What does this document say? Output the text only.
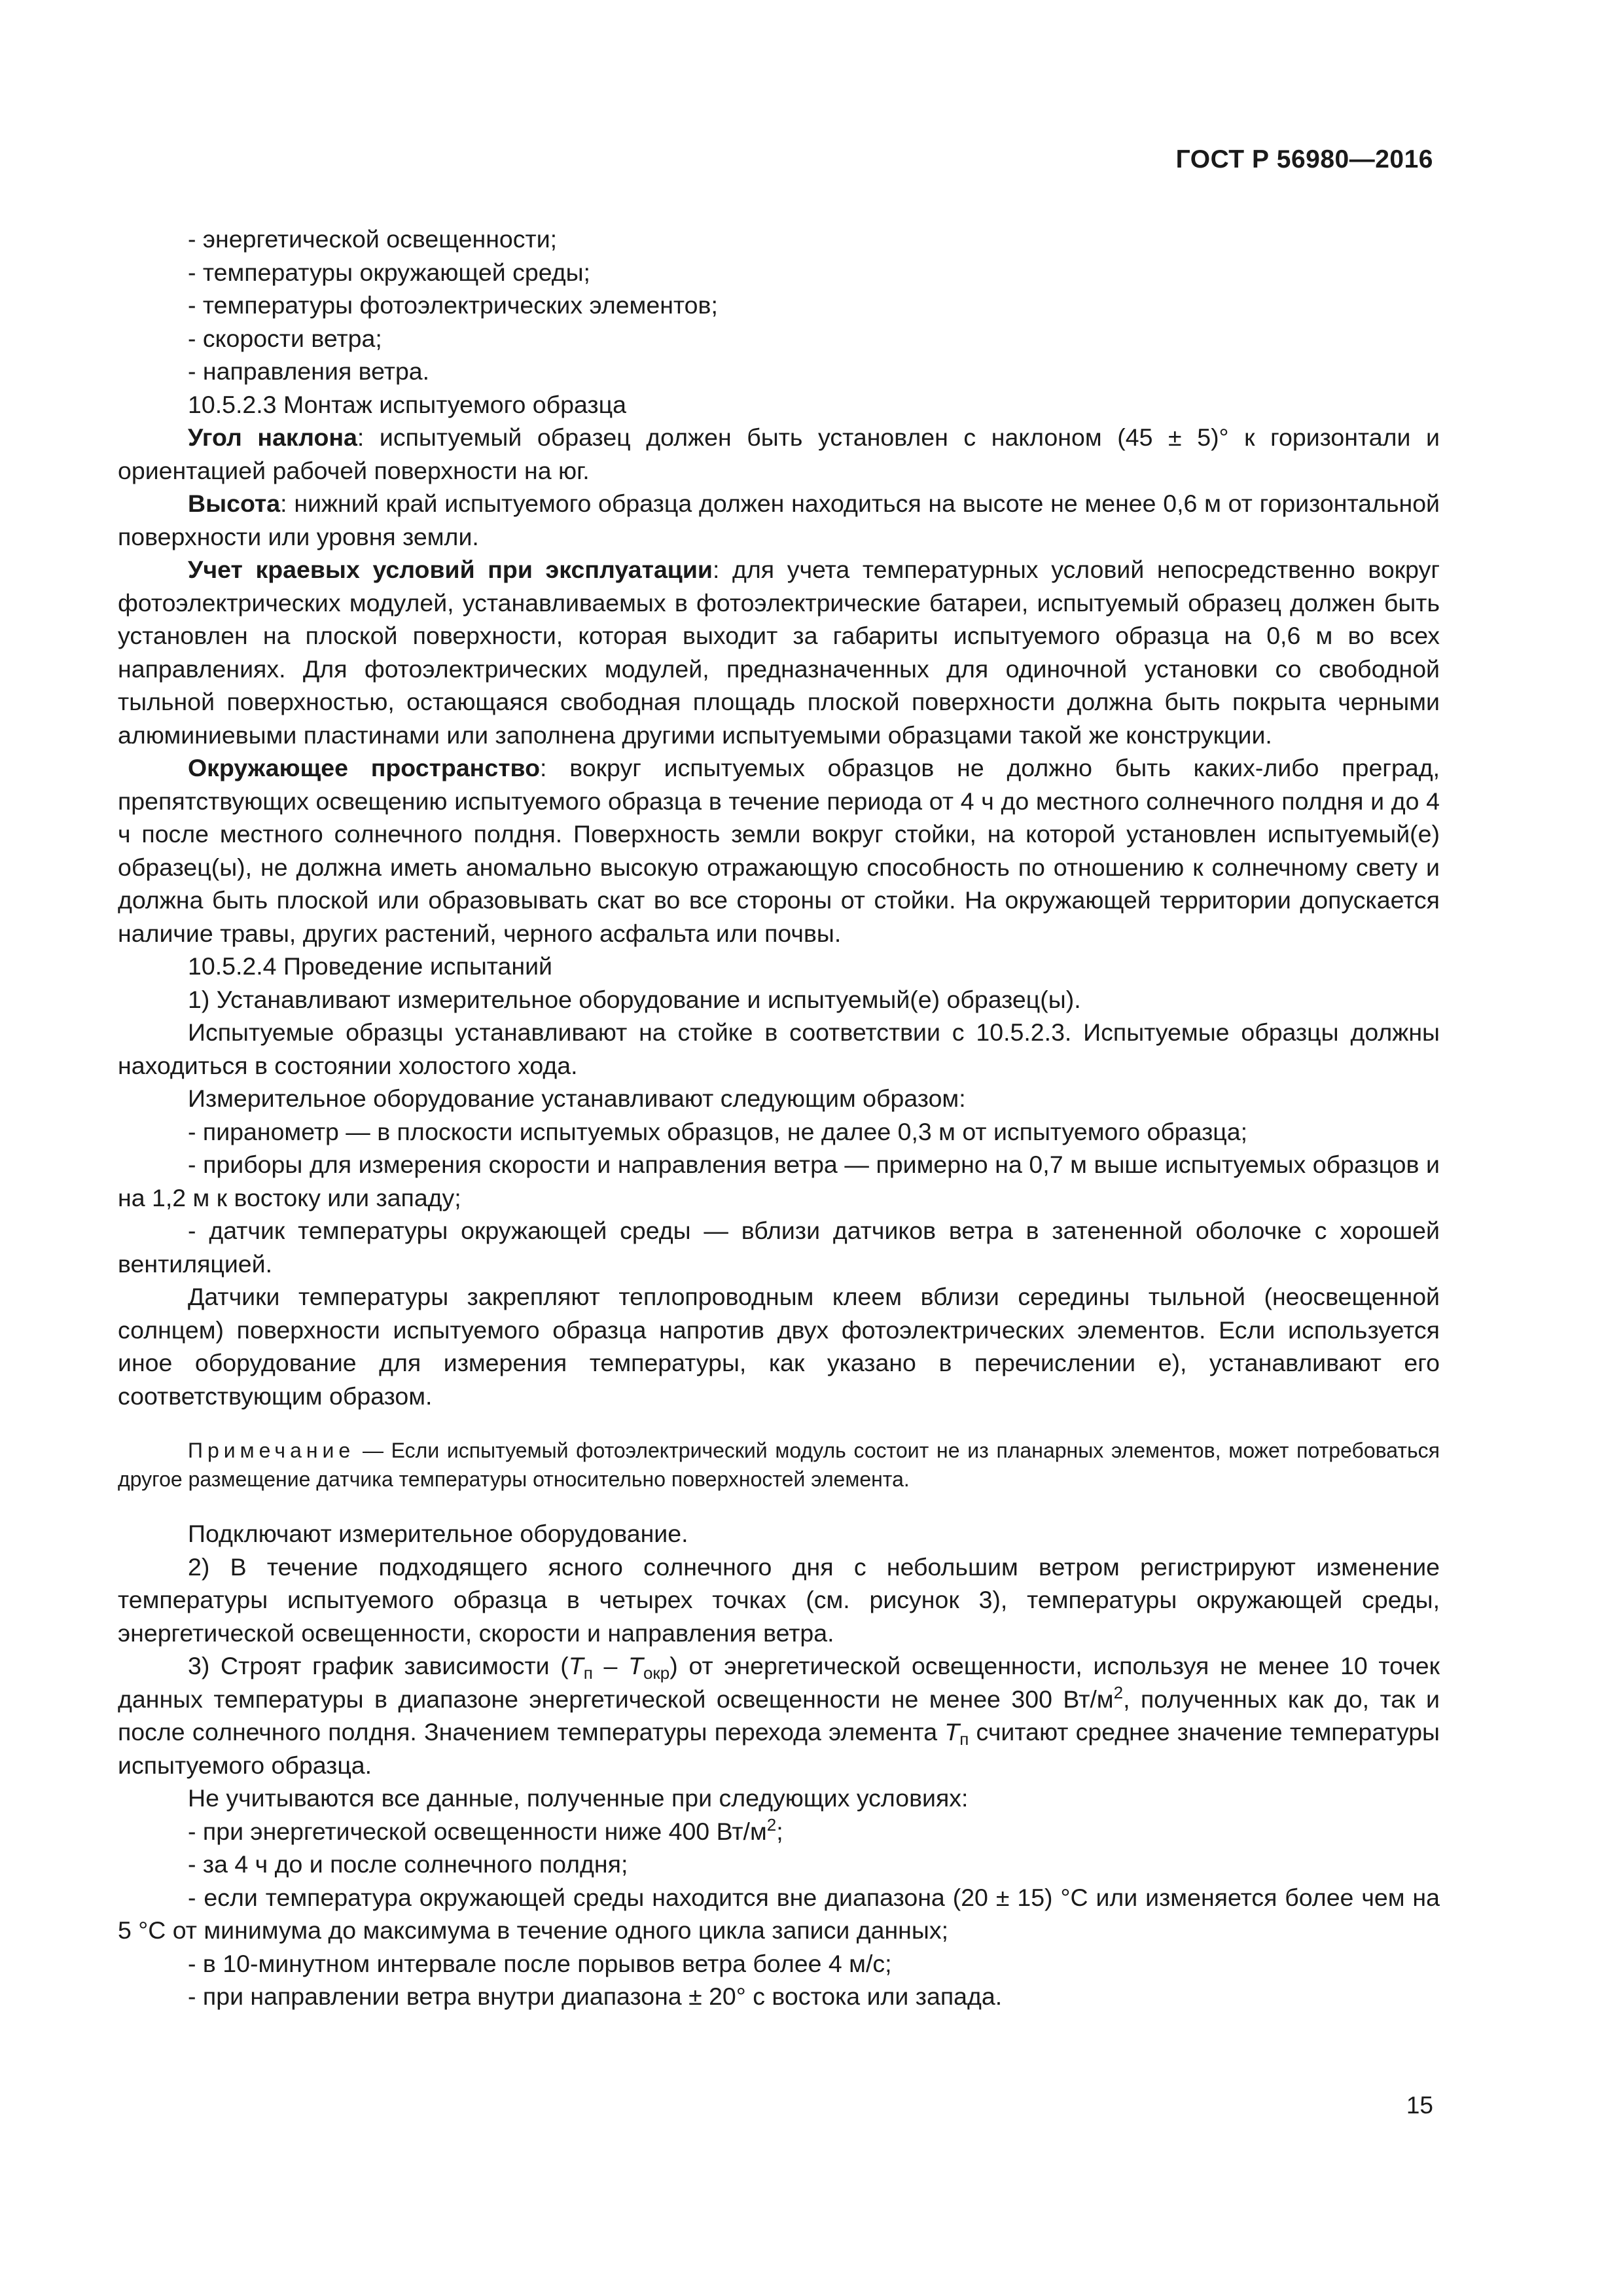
ГОСТ Р 56980—2016

- энергетической освещенности;

- температуры окружающей среды;

- температуры фотоэлектрических элементов;

- скорости ветра;

- направления ветра.

10.5.2.3 Монтаж испытуемого образца

Угол наклона: испытуемый образец должен быть установлен с наклоном (45 ± 5)° к горизонтали и ориентацией рабочей поверхности на юг.

Высота: нижний край испытуемого образца должен находиться на высоте не менее 0,6 м от горизонтальной поверхности или уровня земли.

Учет краевых условий при эксплуатации: для учета температурных условий непосредственно вокруг фотоэлектрических модулей, устанавливаемых в фотоэлектрические батареи, испытуемый образец должен быть установлен на плоской поверхности, которая выходит за габариты испытуемого образца на 0,6 м во всех направлениях. Для фотоэлектрических модулей, предназначенных для одиночной установки со свободной тыльной поверхностью, остающаяся свободная площадь плоской поверхности должна быть покрыта черными алюминиевыми пластинами или заполнена другими испытуемыми образцами такой же конструкции.

Окружающее пространство: вокруг испытуемых образцов не должно быть каких-либо преград, препятствующих освещению испытуемого образца в течение периода от 4 ч до местного солнечного полдня и до 4 ч после местного солнечного полдня. Поверхность земли вокруг стойки, на которой установлен испытуемый(е) образец(ы), не должна иметь аномально высокую отражающую способность по отношению к солнечному свету и должна быть плоской или образовывать скат во все стороны от стойки. На окружающей территории допускается наличие травы, других растений, черного асфальта или почвы.

10.5.2.4 Проведение испытаний

1) Устанавливают измерительное оборудование и испытуемый(е) образец(ы).

Испытуемые образцы устанавливают на стойке в соответствии с 10.5.2.3. Испытуемые образцы должны находиться в состоянии холостого хода.

Измерительное оборудование устанавливают следующим образом:

- пиранометр — в плоскости испытуемых образцов, не далее 0,3 м от испытуемого образца;

- приборы для измерения скорости и направления ветра — примерно на 0,7 м выше испытуемых образцов и на 1,2 м к востоку или западу;

- датчик температуры окружающей среды — вблизи датчиков ветра в затененной оболочке с хорошей вентиляцией.

Датчики температуры закрепляют теплопроводным клеем вблизи середины тыльной (неосвещенной солнцем) поверхности испытуемого образца напротив двух фотоэлектрических элементов. Если используется иное оборудование для измерения температуры, как указано в перечислении е), устанавливают его соответствующим образом.

Примечание — Если испытуемый фотоэлектрический модуль состоит не из планарных элементов, может потребоваться другое размещение датчика температуры относительно поверхностей элемента.

Подключают измерительное оборудование.

2) В течение подходящего ясного солнечного дня с небольшим ветром регистрируют изменение температуры испытуемого образца в четырех точках (см. рисунок 3), температуры окружающей среды, энергетической освещенности, скорости и направления ветра.

3) Строят график зависимости $(T_п - T_{окр})$ от энергетической освещенности, используя не менее 10 точек данных температуры в диапазоне энергетической освещенности не менее 300 $Вт/м^2$, полученных как до, так и после солнечного полдня. Значением температуры перехода элемента $T_п$ считают среднее значение температуры испытуемого образца.

Не учитываются все данные, полученные при следующих условиях:

- при энергетической освещенности ниже 400 $Вт/м^2$;

- за 4 ч до и после солнечного полдня;

- если температура окружающей среды находится вне диапазона (20 ± 15) °С или изменяется более чем на 5 °С от минимума до максимума в течение одного цикла записи данных;

- в 10-минутном интервале после порывов ветра более 4 м/с;

- при направлении ветра внутри диапазона ± 20° с востока или запада.

15
